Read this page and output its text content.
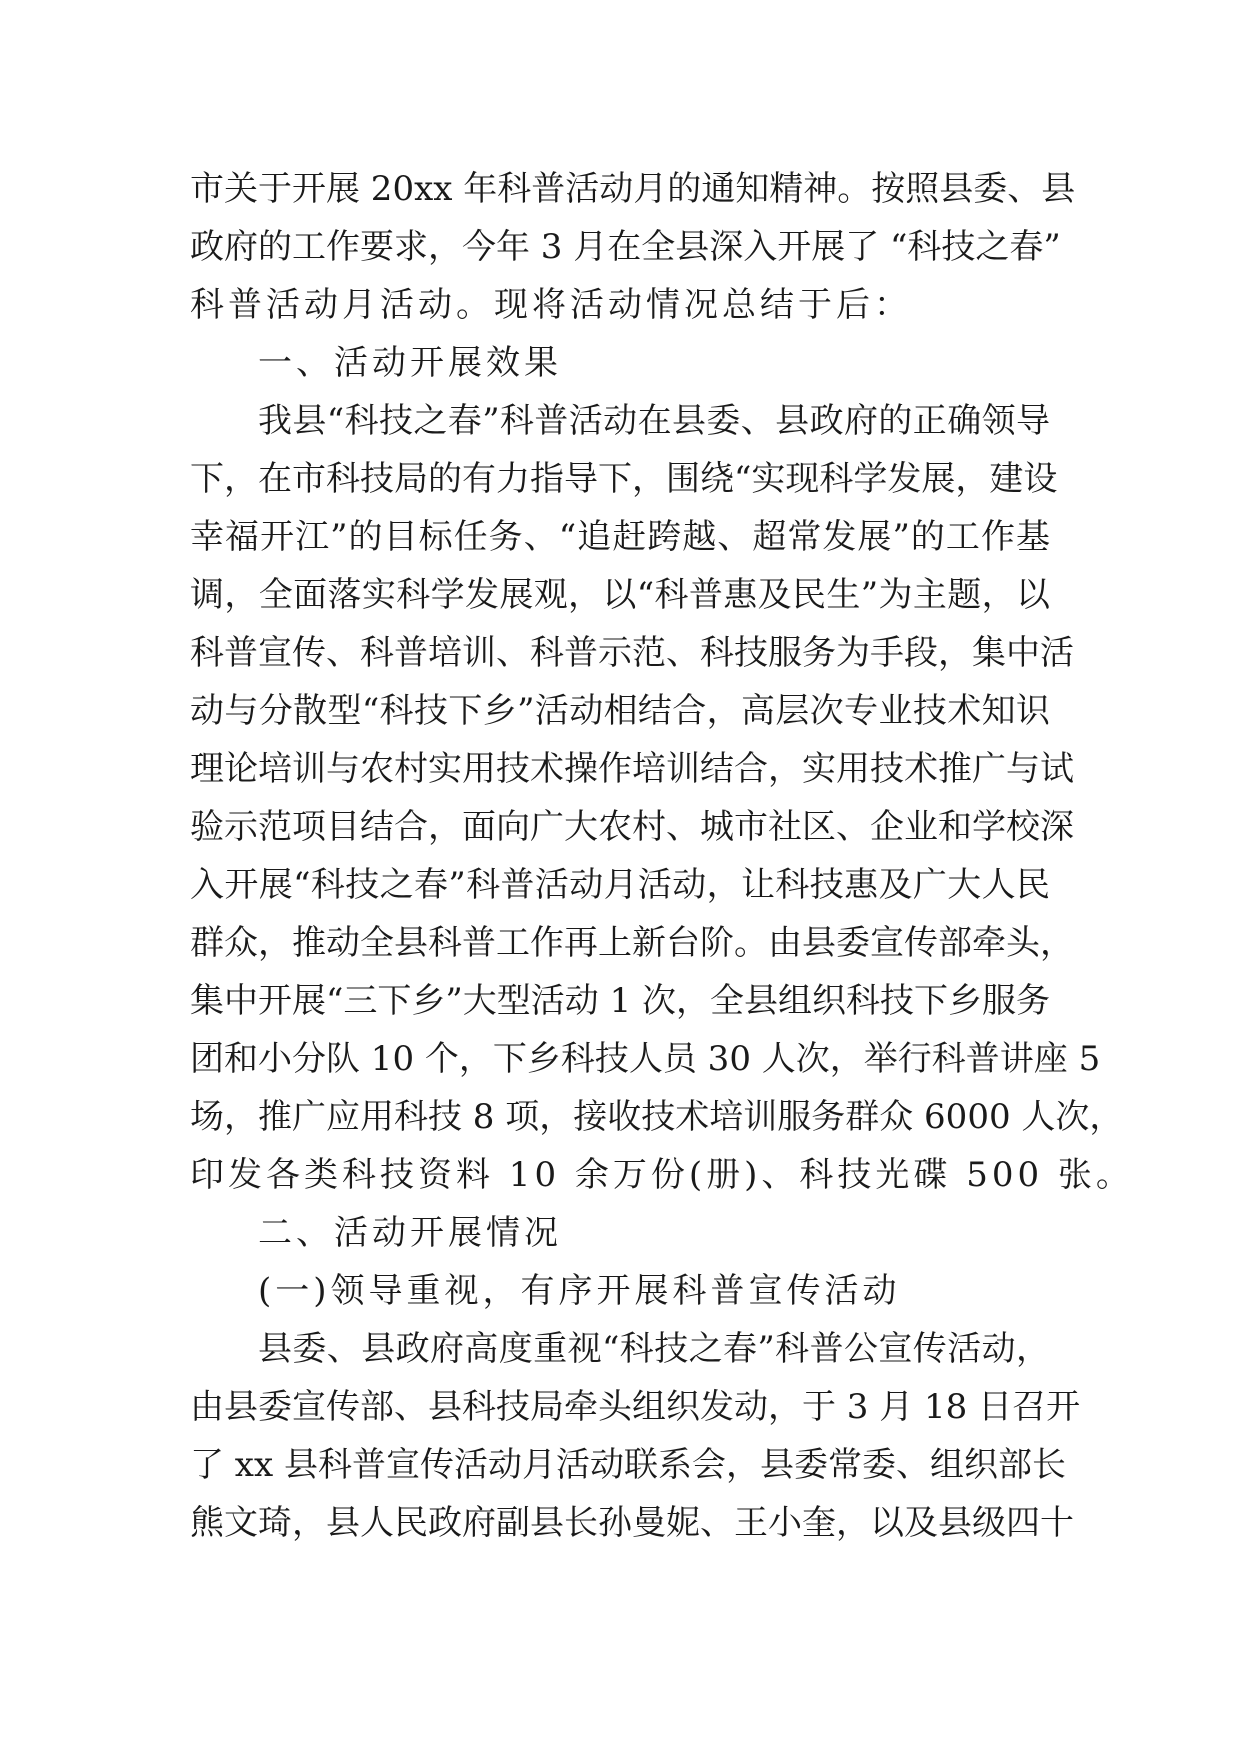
市关于开展 20xx 年科普活动月的通知精神。按照县委、县
政府的工作要求，今年 3 月在全县深入开展了 “科技之春”
科普活动月活动。现将活动情况总结于后：
一、活动开展效果
我县“科技之春”科普活动在县委、县政府的正确领导
下，在市科技局的有力指导下，围绕“实现科学发展，建设
幸福开江”的目标任务、“追赶跨越、超常发展”的工作基
调，全面落实科学发展观，以“科普惠及民生”为主题，以
科普宣传、科普培训、科普示范、科技服务为手段，集中活
动与分散型“科技下乡”活动相结合，高层次专业技术知识
理论培训与农村实用技术操作培训结合，实用技术推广与试
验示范项目结合，面向广大农村、城市社区、企业和学校深
入开展“科技之春”科普活动月活动，让科技惠及广大人民
群众，推动全县科普工作再上新台阶。由县委宣传部牵头，
集中开展“三下乡”大型活动 1 次，全县组织科技下乡服务
团和小分队 10 个，下乡科技人员 30 人次，举行科普讲座 5
场，推广应用科技 8 项，接收技术培训服务群众 6000 人次，
印发各类科技资料 10 余万份(册)、科技光碟 500 张。
二、活动开展情况
(一)领导重视，有序开展科普宣传活动
县委、县政府高度重视“科技之春”科普公宣传活动，
由县委宣传部、县科技局牵头组织发动，于 3 月 18 日召开
了 xx 县科普宣传活动月活动联系会，县委常委、组织部长
熊文琦，县人民政府副县长孙曼妮、王小奎，以及县级四十
